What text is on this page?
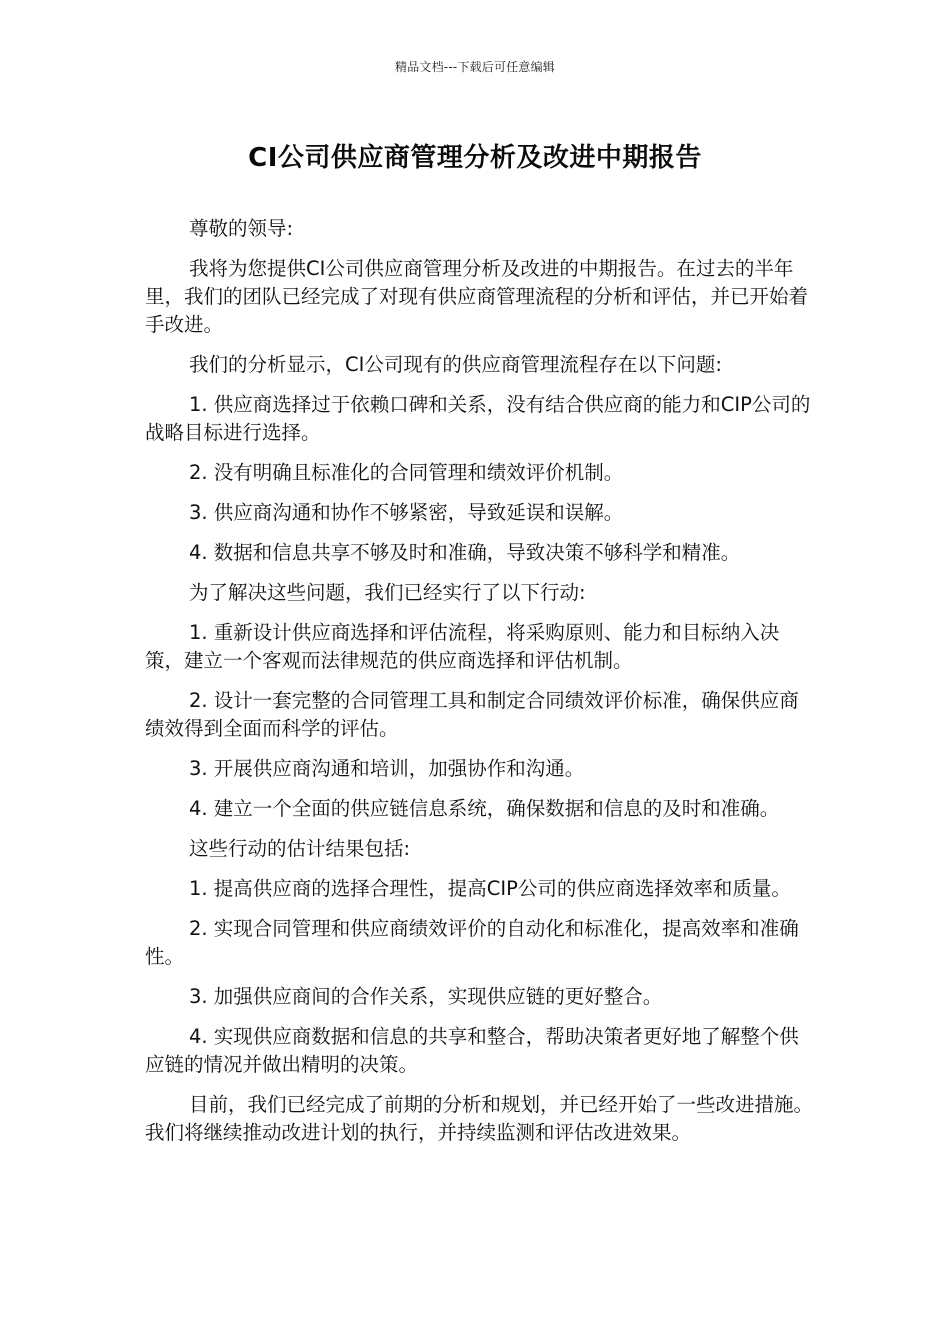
精品文档---下载后可任意编辑
CI公司供应商管理分析及改进中期报告

尊敬的领导:

我将为您提供CI公司供应商管理分析及改进的中期报告。在过去的半年里，我们的团队已经完成了对现有供应商管理流程的分析和评估，并已开始着手改进。

我们的分析显示，CI公司现有的供应商管理流程存在以下问题:

1. 供应商选择过于依赖口碑和关系，没有结合供应商的能力和CIP公司的战略目标进行选择。

2. 没有明确且标准化的合同管理和绩效评价机制。

3. 供应商沟通和协作不够紧密，导致延误和误解。

4. 数据和信息共享不够及时和准确，导致决策不够科学和精准。

为了解决这些问题，我们已经实行了以下行动:

1. 重新设计供应商选择和评估流程，将采购原则、能力和目标纳入决策，建立一个客观而法律规范的供应商选择和评估机制。

2. 设计一套完整的合同管理工具和制定合同绩效评价标准，确保供应商绩效得到全面而科学的评估。

3. 开展供应商沟通和培训，加强协作和沟通。

4. 建立一个全面的供应链信息系统，确保数据和信息的及时和准确。

这些行动的估计结果包括:

1. 提高供应商的选择合理性，提高CIP公司的供应商选择效率和质量。

2. 实现合同管理和供应商绩效评价的自动化和标准化，提高效率和准确性。

3. 加强供应商间的合作关系，实现供应链的更好整合。

4. 实现供应商数据和信息的共享和整合，帮助决策者更好地了解整个供应链的情况并做出精明的决策。

目前，我们已经完成了前期的分析和规划，并已经开始了一些改进措施。我们将继续推动改进计划的执行，并持续监测和评估改进效果。
